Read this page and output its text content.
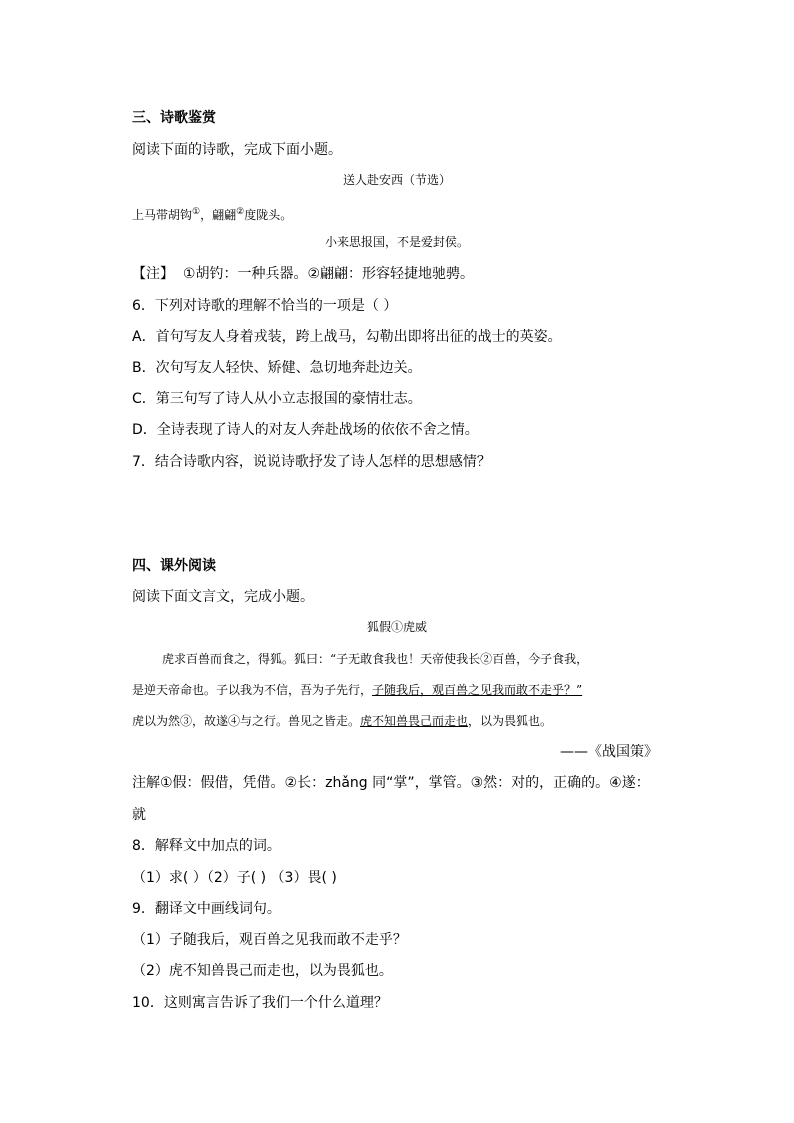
三、诗歌鉴赏
阅读下面的诗歌，完成下面小题。
送人赴安西（节选）
上马带胡钩①，翩翩②度陇头。
小来思报国，不是爱封侯。
【注】 ①胡钓：一种兵器。②翩翩：形容轻捷地驰骋。
6．下列对诗歌的理解不恰当的一项是（ ）
A．首句写友人身着戎装，跨上战马，勾勒出即将出征的战士的英姿。
B．次句写友人轻快、矫健、急切地奔赴边关。
C．第三句写了诗人从小立志报国的豪情壮志。
D．全诗表现了诗人的对友人奔赴战场的依依不舍之情。
7．结合诗歌内容，说说诗歌抒发了诗人怎样的思想感情？
四、课外阅读
阅读下面文言文，完成小题。
狐假①虎威
虎求百兽而食之，得狐。狐曰：“子无敢食我也！天帝使我长②百兽，今子食我，
是逆天帝命也。子以我为不信，吾为子先行，子随我后，观百兽之见我而敢不走乎？”
虎以为然③，故遂④与之行。兽见之皆走。虎不知兽畏己而走也，以为畏狐也。
——《战国策》
注解①假：假借，凭借。②长：zhǎng 同“掌”，掌管。③然：对的，正确的。④遂：
就
8．解释文中加点的词。
（1）求( ）（2）子( ) （3）畏( )
9．翻译文中画线词句。
（1）子随我后，观百兽之见我而敢不走乎？
（2）虎不知兽畏己而走也，以为畏狐也。
10．这则寓言告诉了我们一个什么道理？
